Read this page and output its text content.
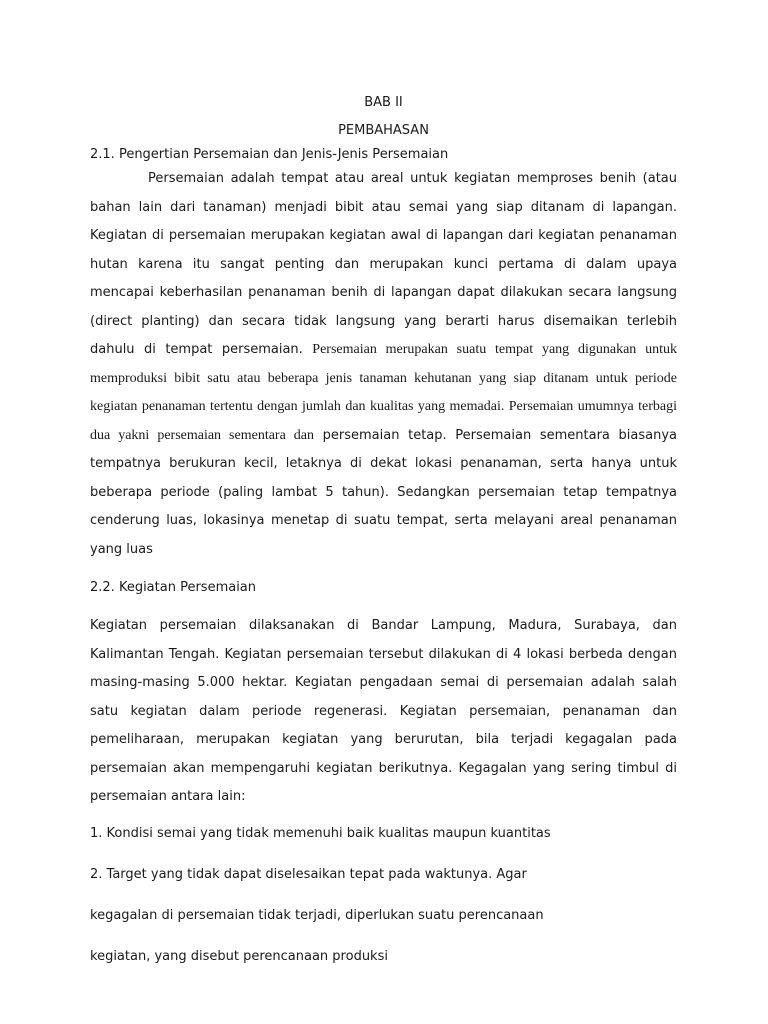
BAB II
PEMBAHASAN
2.1. Pengertian Persemaian dan Jenis-Jenis Persemaian

Persemaian adalah tempat atau areal untuk kegiatan memproses benih (atau bahan lain dari tanaman) menjadi bibit atau semai yang siap ditanam di lapangan. Kegiatan di persemaian merupakan kegiatan awal di lapangan dari kegiatan penanaman hutan karena itu sangat penting dan merupakan kunci pertama di dalam upaya mencapai keberhasilan penanaman benih di lapangan dapat dilakukan secara langsung (direct planting) dan secara tidak langsung yang berarti harus disemaikan terlebih dahulu di tempat persemaian. Persemaian merupakan suatu tempat yang digunakan untuk memproduksi bibit satu atau beberapa jenis tanaman kehutanan yang siap ditanam untuk periode kegiatan penanaman tertentu dengan jumlah dan kualitas yang memadai. Persemaian umumnya terbagi dua yakni persemaian sementara dan persemaian tetap. Persemaian sementara biasanya tempatnya berukuran kecil, letaknya di dekat lokasi penanaman, serta hanya untuk beberapa periode (paling lambat 5 tahun). Sedangkan persemaian tetap tempatnya cenderung luas, lokasinya menetap di suatu tempat, serta melayani areal penanaman yang luas

2.2. Kegiatan Persemaian

Kegiatan persemaian dilaksanakan di Bandar Lampung, Madura, Surabaya, dan Kalimantan Tengah. Kegiatan persemaian tersebut dilakukan di 4 lokasi berbeda dengan masing-masing 5.000 hektar. Kegiatan pengadaan semai di persemaian adalah salah satu kegiatan dalam periode regenerasi. Kegiatan persemaian, penanaman dan pemeliharaan, merupakan kegiatan yang berurutan, bila terjadi kegagalan pada persemaian akan mempengaruhi kegiatan berikutnya. Kegagalan yang sering timbul di persemaian antara lain:

1. Kondisi semai yang tidak memenuhi baik kualitas maupun kuantitas

2. Target yang tidak dapat diselesaikan tepat pada waktunya. Agar

kegagalan di persemaian tidak terjadi, diperlukan suatu perencanaan

kegiatan, yang disebut perencanaan produksi
